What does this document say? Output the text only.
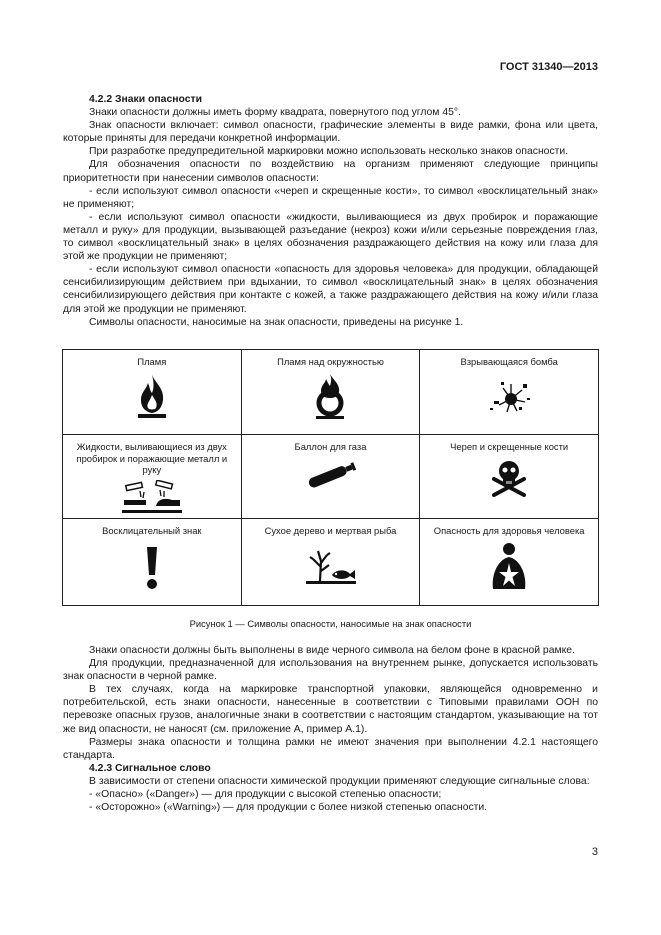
ГОСТ 31340—2013
4.2.2 Знаки опасности

Знаки опасности должны иметь форму квадрата, повернутого под углом 45°.

Знак опасности включает: символ опасности, графические элементы в виде рамки, фона или цвета, которые приняты для передачи конкретной информации.

При разработке предупредительной маркировки можно использовать несколько знаков опасности.

Для обозначения опасности по воздействию на организм применяют следующие принципы приоритетности при нанесении символов опасности:

- если используют символ опасности «череп и скрещенные кости», то символ «восклицательный знак» не применяют;

- если используют символ опасности «жидкости, выливающиеся из двух пробирок и поражающие металл и руку» для продукции, вызывающей разъедание (некроз) кожи и/или серьезные повреждения глаз, то символ «восклицательный знак» в целях обозначения раздражающего действия на кожу или глаза для этой же продукции не применяют;

- если используют символ опасности «опасность для здоровья человека» для продукции, обладающей сенсибилизирующим действием при вдыхании, то символ «восклицательный знак» в целях обозначения сенсибилизирующего действия при контакте с кожей, а также раздражающего действия на кожу и/или глаза для этой же продукции не применяют.

Символы опасности, наносимые на знак опасности, приведены на рисунке 1.

Пламя	Пламя над окружностью	Взрывающаяся бомба

Жидкости, выливающиеся из двух пробирок и поражающие металл и руку	Баллон для газа	Череп и скрещенные кости

Восклицательный знак	Сухое дерево и мертвая рыба	Опасность для здоровья человека
Рисунок 1 — Символы опасности, наносимые на знак опасности

Знаки опасности должны быть выполнены в виде черного символа на белом фоне в красной рамке.

Для продукции, предназначенной для использования на внутреннем рынке, допускается использовать знак опасности в черной рамке.

В тех случаях, когда на маркировке транспортной упаковки, являющейся одновременно и потребительской, есть знаки опасности, нанесенные в соответствии с Типовыми правилами ООН по перевозке опасных грузов, аналогичные знаки в соответствии с настоящим стандартом, указывающие на тот же вид опасности, не наносят (см. приложение А, пример А.1).

Размеры знака опасности и толщина рамки не имеют значения при выполнении 4.2.1 настоящего стандарта.

4.2.3 Сигнальное слово

В зависимости от степени опасности химической продукции применяют следующие сигнальные слова:

- «Опасно» («Danger») — для продукции с высокой степенью опасности;

- «Осторожно» («Warning») — для продукции с более низкой степенью опасности.

3
